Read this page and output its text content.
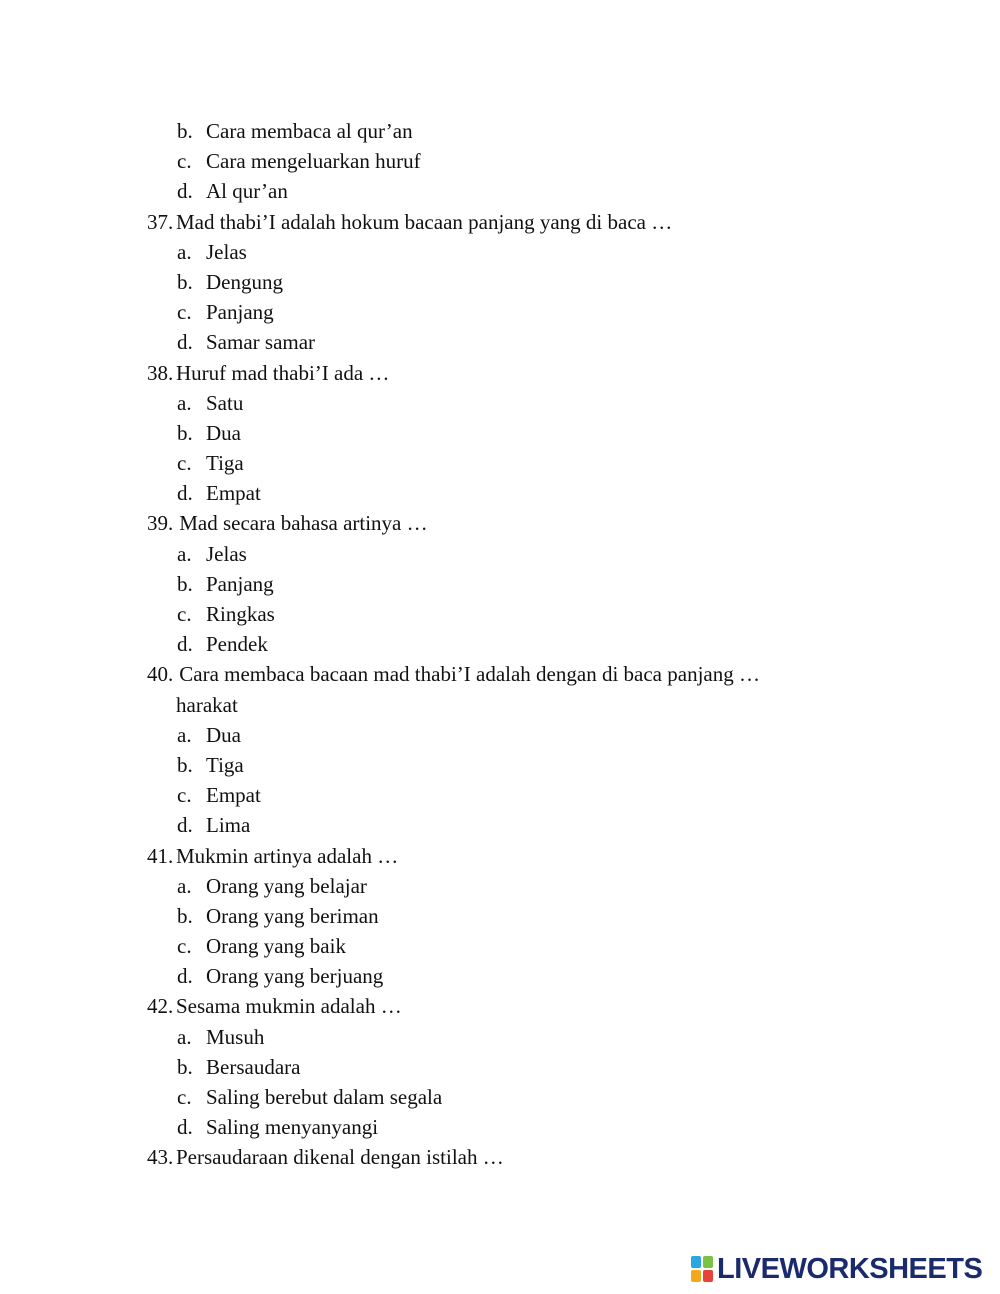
b. Cara membaca al qur’an
c. Cara mengeluarkan huruf
d. Al qur’an
37. Mad thabi’I adalah hokum bacaan panjang yang di baca …
a. Jelas
b. Dengung
c. Panjang
d. Samar samar
38. Huruf mad thabi’I ada …
a. Satu
b. Dua
c. Tiga
d. Empat
39. Mad secara bahasa artinya …
a. Jelas
b. Panjang
c. Ringkas
d. Pendek
40. Cara membaca bacaan mad thabi’I adalah dengan di baca panjang …
harakat
a. Dua
b. Tiga
c. Empat
d. Lima
41. Mukmin artinya adalah …
a. Orang yang belajar
b. Orang yang beriman
c. Orang yang baik
d. Orang yang berjuang
42. Sesama mukmin adalah …
a. Musuh
b. Bersaudara
c. Saling berebut dalam segala
d. Saling menyanyangi
43. Persaudaraan dikenal dengan istilah …
LIVEWORKSHEETS
